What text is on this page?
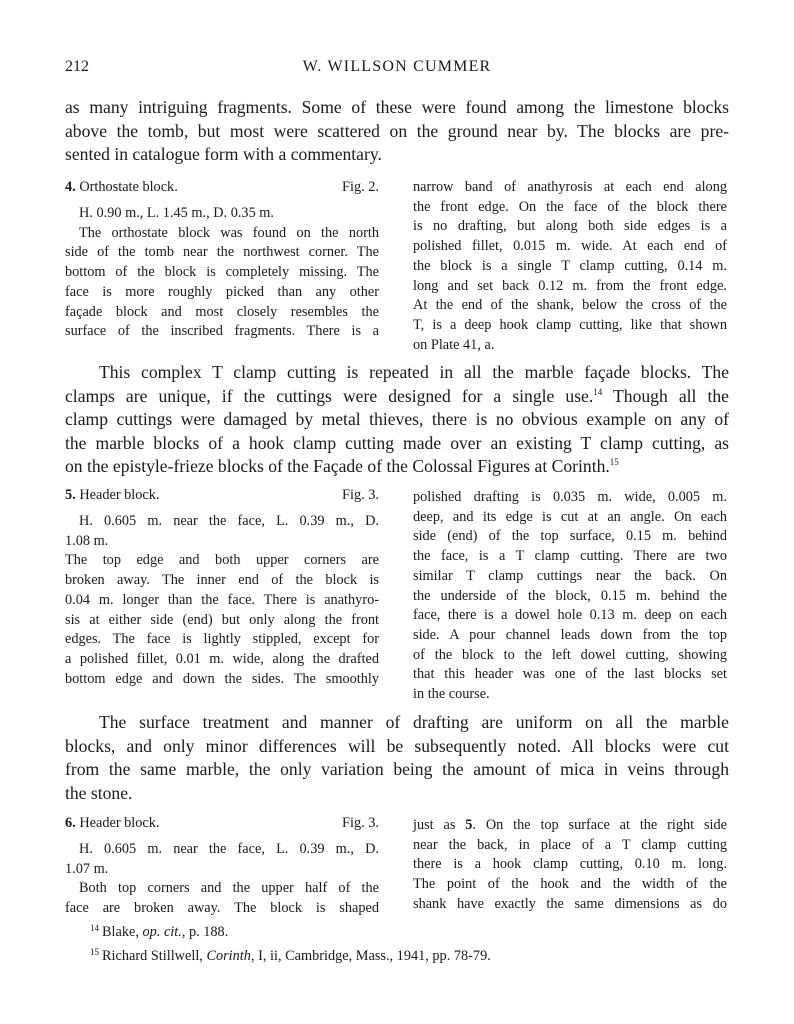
212	W. WILLSON CUMMER
as many intriguing fragments. Some of these were found among the limestone blocks
above the tomb, but most were scattered on the ground near by. The blocks are pre-
sented in catalogue form with a commentary.
4. Orthostate block.	Fig. 2.
H. 0.90 m., L. 1.45 m., D. 0.35 m.
The orthostate block was found on the north
side of the tomb near the northwest corner. The
bottom of the block is completely missing. The
face is more roughly picked than any other
façade block and most closely resembles the
surface of the inscribed fragments. There is a
narrow band of anathyrosis at each end along
the front edge. On the face of the block there
is no drafting, but along both side edges is a
polished fillet, 0.015 m. wide. At each end of
the block is a single T clamp cutting, 0.14 m.
long and set back 0.12 m. from the front edge.
At the end of the shank, below the cross of the
T, is a deep hook clamp cutting, like that shown
on Plate 41, a.
This complex T clamp cutting is repeated in all the marble façade blocks. The
clamps are unique, if the cuttings were designed for a single use.$^{14}$ Though all the
clamp cuttings were damaged by metal thieves, there is no obvious example on any of
the marble blocks of a hook clamp cutting made over an existing T clamp cutting, as
on the epistyle-frieze blocks of the Façade of the Colossal Figures at Corinth.$^{15}$
5. Header block.	Fig. 3.
H. 0.605 m. near the face, L. 0.39 m., D.
1.08 m.
The top edge and both upper corners are
broken away. The inner end of the block is
0.04 m. longer than the face. There is anathyro-
sis at either side (end) but only along the front
edges. The face is lightly stippled, except for
a polished fillet, 0.01 m. wide, along the drafted
bottom edge and down the sides. The smoothly
polished drafting is 0.035 m. wide, 0.005 m.
deep, and its edge is cut at an angle. On each
side (end) of the top surface, 0.15 m. behind
the face, is a T clamp cutting. There are two
similar T clamp cuttings near the back. On
the underside of the block, 0.15 m. behind the
face, there is a dowel hole 0.13 m. deep on each
side. A pour channel leads down from the top
of the block to the left dowel cutting, showing
that this header was one of the last blocks set
in the course.
The surface treatment and manner of drafting are uniform on all the marble
blocks, and only minor differences will be subsequently noted. All blocks were cut
from the same marble, the only variation being the amount of mica in veins through
the stone.
6. Header block.	Fig. 3.
H. 0.605 m. near the face, L. 0.39 m., D.
1.07 m.
Both top corners and the upper half of the
face are broken away. The block is shaped
just as 5. On the top surface at the right side
near the back, in place of a T clamp cutting
there is a hook clamp cutting, 0.10 m. long.
The point of the hook and the width of the
shank have exactly the same dimensions as do
$^{14}$ Blake, op. cit., p. 188.
$^{15}$ Richard Stillwell, Corinth, I, ii, Cambridge, Mass., 1941, pp. 78-79.
